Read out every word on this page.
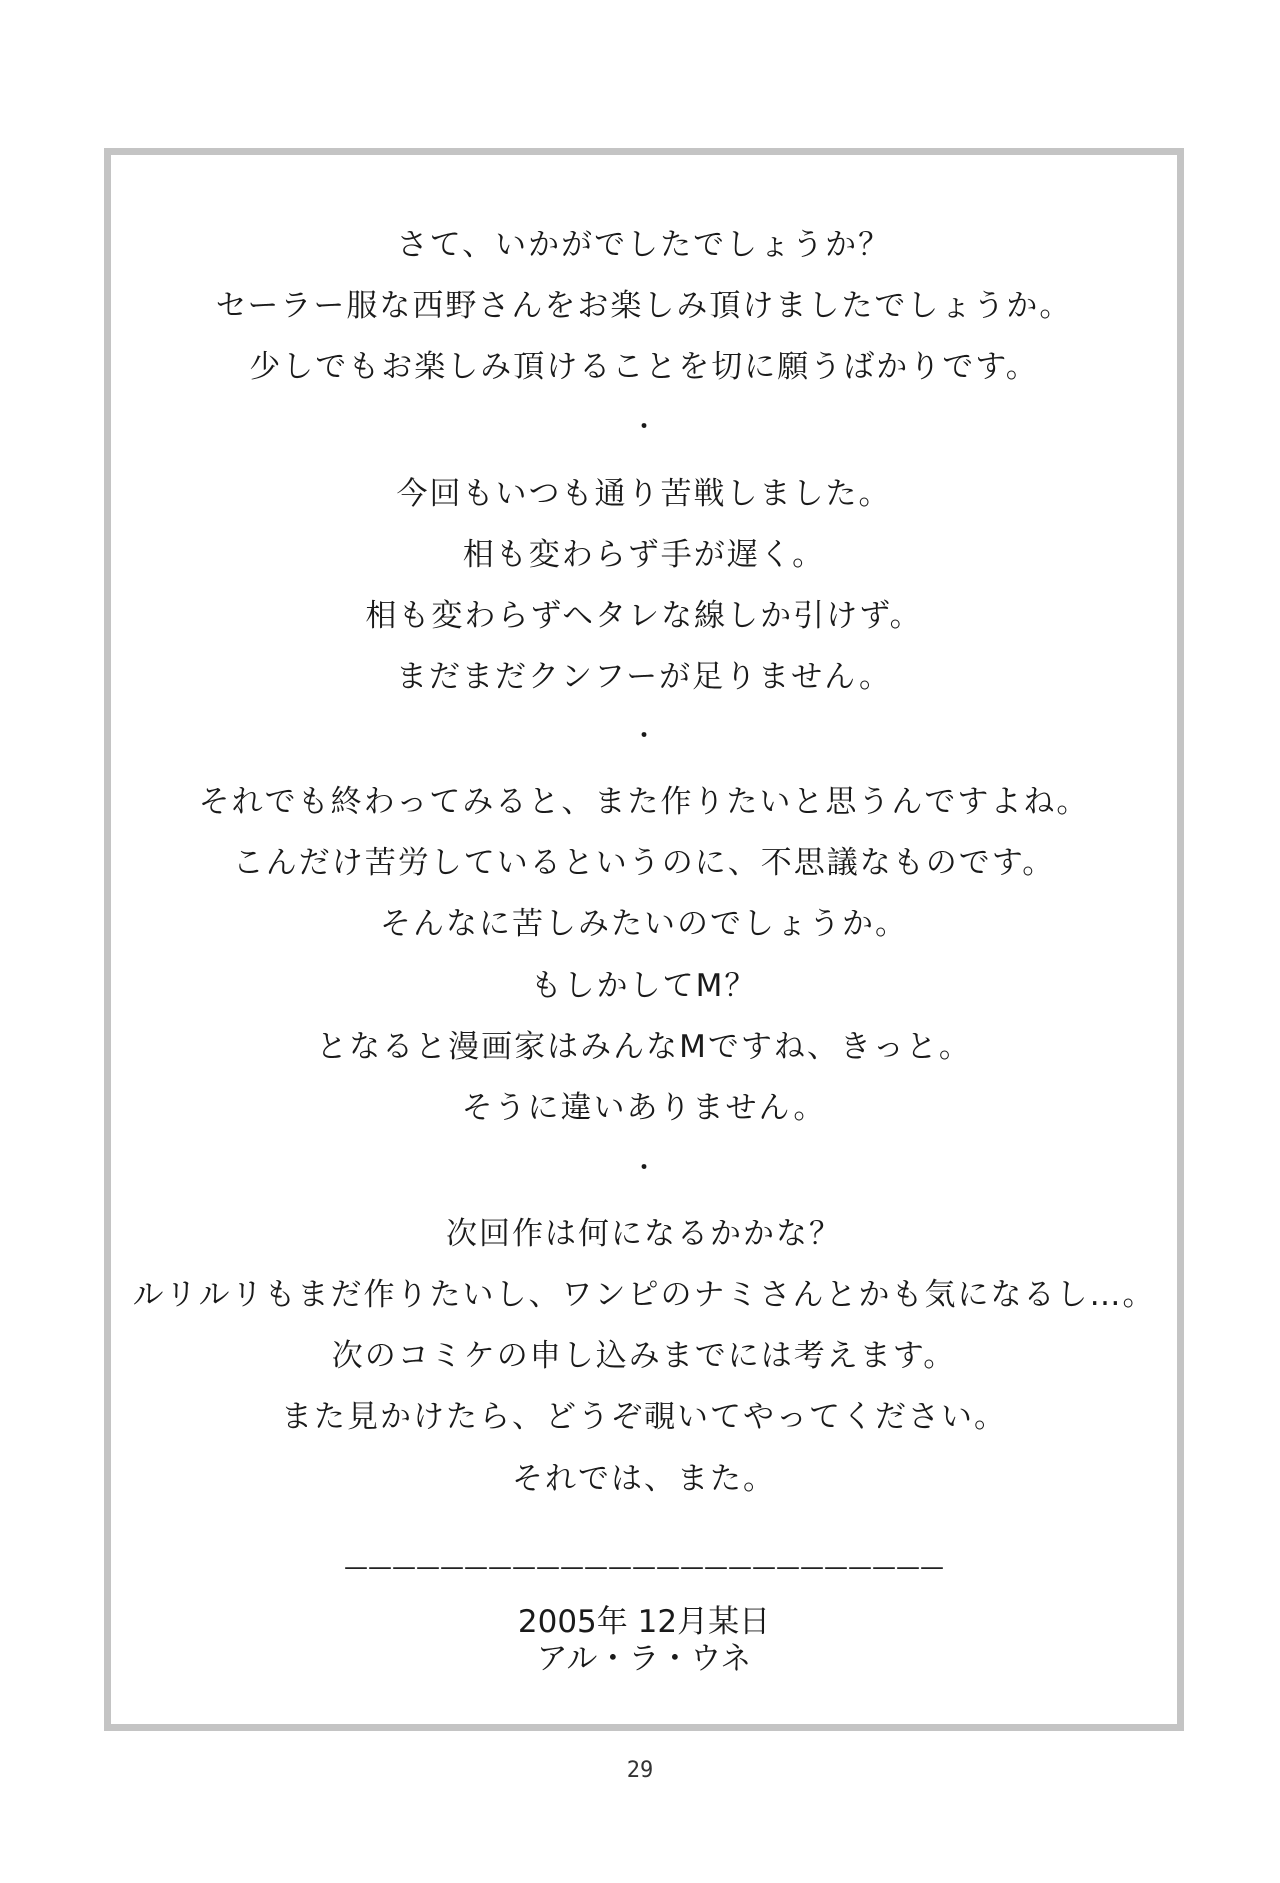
さて、いかがでしたでしょうか？
セーラー服な西野さんをお楽しみ頂けましたでしょうか。
少しでもお楽しみ頂けることを切に願うばかりです。
・
今回もいつも通り苦戦しました。
相も変わらず手が遅く。
相も変わらずヘタレな線しか引けず。
まだまだクンフーが足りません。
・
それでも終わってみると、また作りたいと思うんですよね。
こんだけ苦労しているというのに、不思議なものです。
そんなに苦しみたいのでしょうか。
もしかしてM？
となると漫画家はみんなMですね、きっと。
そうに違いありません。
・
次回作は何になるかかな？
ルリルリもまだ作りたいし、ワンピのナミさんとかも気になるし…。
次のコミケの申し込みまでには考えます。
また見かけたら、どうぞ覗いてやってください。
それでは、また。
—————————————————————————
2005年 12月某日
アル・ラ・ウネ
29
